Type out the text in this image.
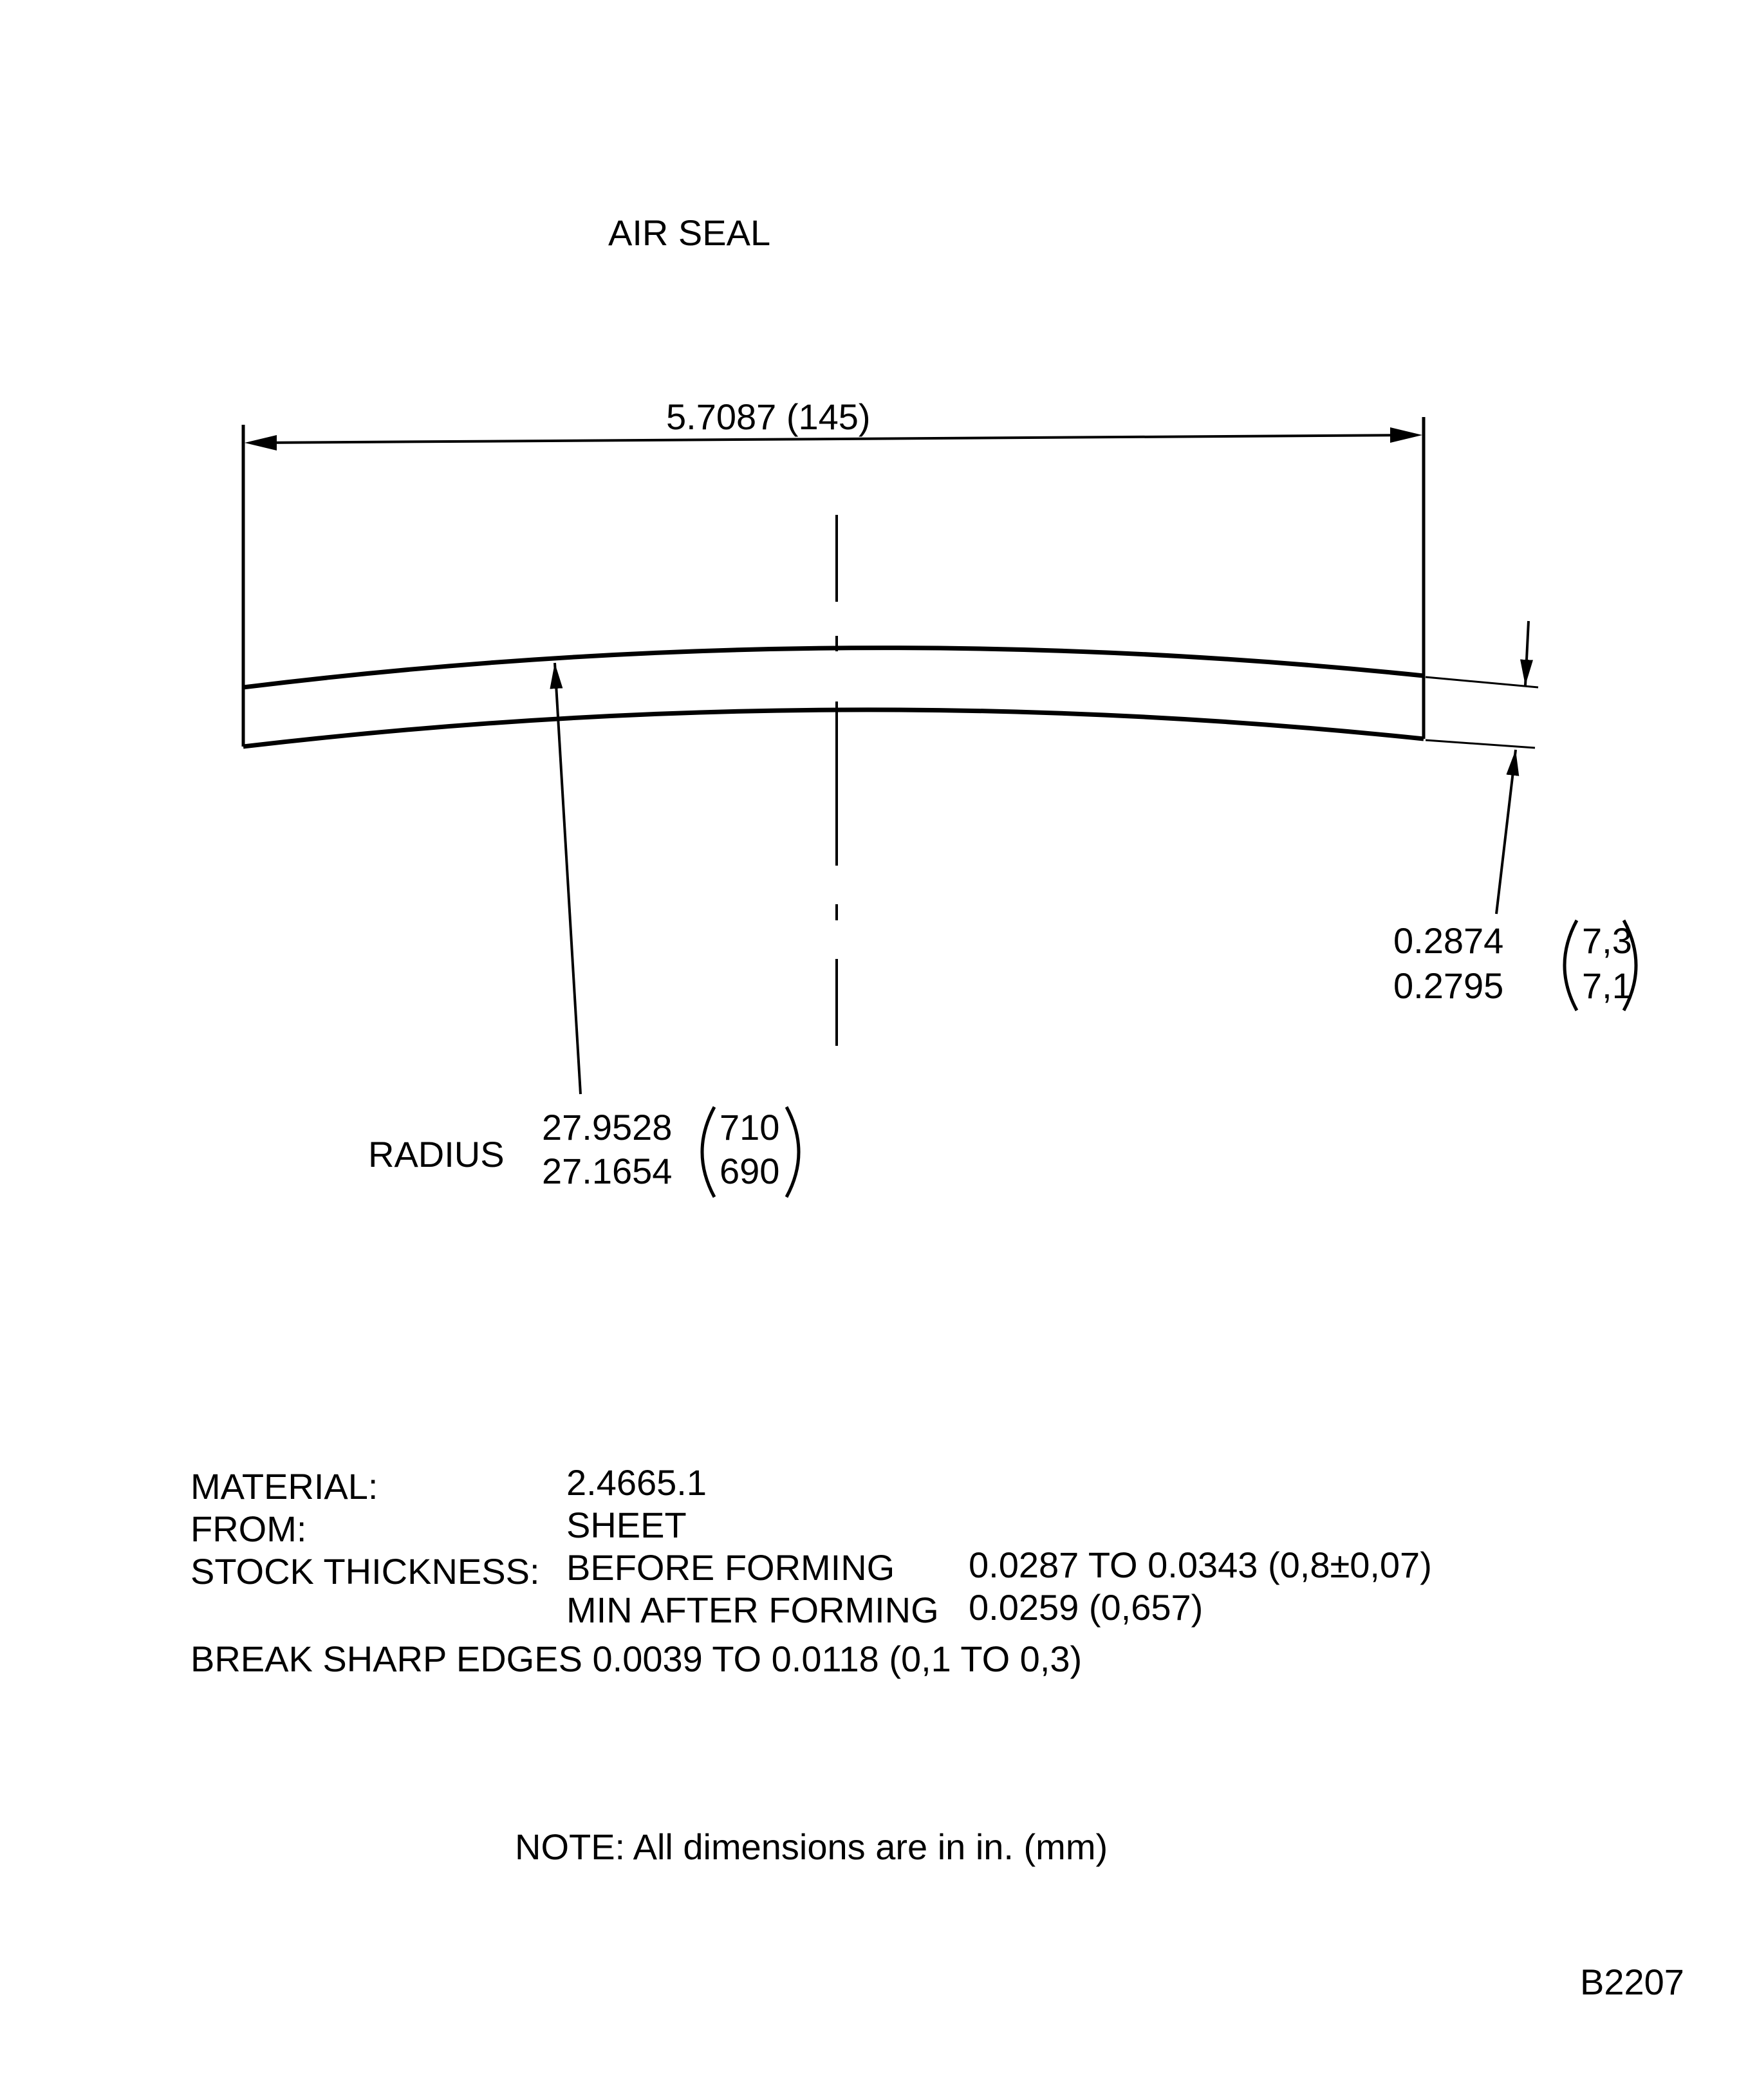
AIR SEAL
5.7087 (145)
0.2874
0.2795
7,3
7,1
RADIUS
27.9528
27.1654
710
690
MATERIAL:	2.4665.1
FROM:	SHEET
STOCK THICKNESS: BEFORE FORMING 0.0287 TO 0.0343 (0,8±0,07)
MIN AFTER FORMING 0.0259 (0,657)
BREAK SHARP EDGES 0.0039 TO 0.0118 (0,1 TO 0,3)
NOTE: All dimensions are in in. (mm)
B2207
